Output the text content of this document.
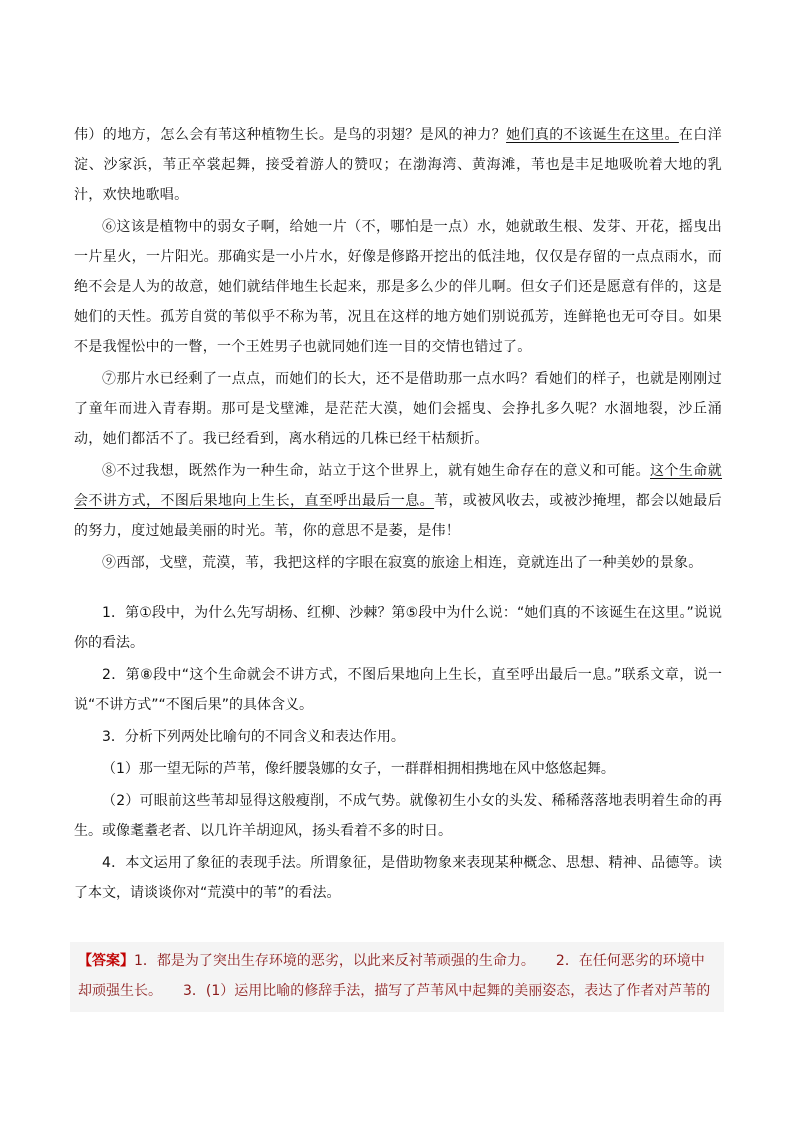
伟）的地方，怎么会有苇这种植物生长。是鸟的羽翅？是风的神力？她们真的不该诞生在这里。在白洋淀、沙家浜，苇正卒裳起舞，接受着游人的赞叹；在渤海湾、黄海滩，苇也是丰足地吸吮着大地的乳汁，欢快地歌唱。

⑥这该是植物中的弱女子啊，给她一片（不，哪怕是一点）水，她就敢生根、发芽、开花，摇曳出一片星火，一片阳光。那确实是一小片水，好像是修路开挖出的低洼地，仅仅是存留的一点点雨水，而绝不会是人为的故意，她们就结伴地生长起来，那是多么少的伴儿啊。但女子们还是愿意有伴的，这是她们的天性。孤芳自赏的苇似乎不称为苇，况且在这样的地方她们别说孤芳，连鲜艳也无可夺目。如果不是我惺忪中的一瞥，一个王姓男子也就同她们连一目的交情也错过了。

⑦那片水已经剩了一点点，而她们的长大，还不是借助那一点水吗？看她们的样子，也就是刚刚过了童年而进入青春期。那可是戈壁滩，是茫茫大漠，她们会摇曳、会挣扎多久呢？水涸地裂，沙丘涌动，她们都活不了。我已经看到，离水稍远的几株已经干枯颓折。

⑧不过我想，既然作为一种生命，站立于这个世界上，就有她生命存在的意义和可能。这个生命就会不讲方式，不图后果地向上生长，直至呼出最后一息。苇，或被风收去，或被沙掩埋，都会以她最后的努力，度过她最美丽的时光。苇，你的意思不是萎，是伟！

⑨西部，戈壁，荒漠，苇，我把这样的字眼在寂寞的旅途上相连，竟就连出了一种美妙的景象。

1．第①段中，为什么先写胡杨、红柳、沙棘？第⑤段中为什么说：“她们真的不该诞生在这里。”说说你的看法。

2．第⑧段中“这个生命就会不讲方式，不图后果地向上生长，直至呼出最后一息。”联系文章，说一说“不讲方式”“不图后果”的具体含义。

3．分析下列两处比喻句的不同含义和表达作用。

（1）那一望无际的芦苇，像纤腰袅娜的女子，一群群相拥相携地在风中悠悠起舞。

（2）可眼前这些苇却显得这般瘦削，不成气势。就像初生小女的头发、稀稀落落地表明着生命的再生。或像耄耋老者、以几许羊胡迎风，扬头看着不多的时日。

4．本文运用了象征的表现手法。所谓象征，是借助物象来表现某种概念、思想、精神、品德等。读了本文，请谈谈你对“荒漠中的苇”的看法。

【答案】1．都是为了突出生存环境的恶劣，以此来反衬苇顽强的生命力。　　2．在任何恶劣的环境中却顽强生长。　　3．(1）运用比喻的修辞手法，描写了芦苇风中起舞的美丽姿态，表达了作者对芦苇的
